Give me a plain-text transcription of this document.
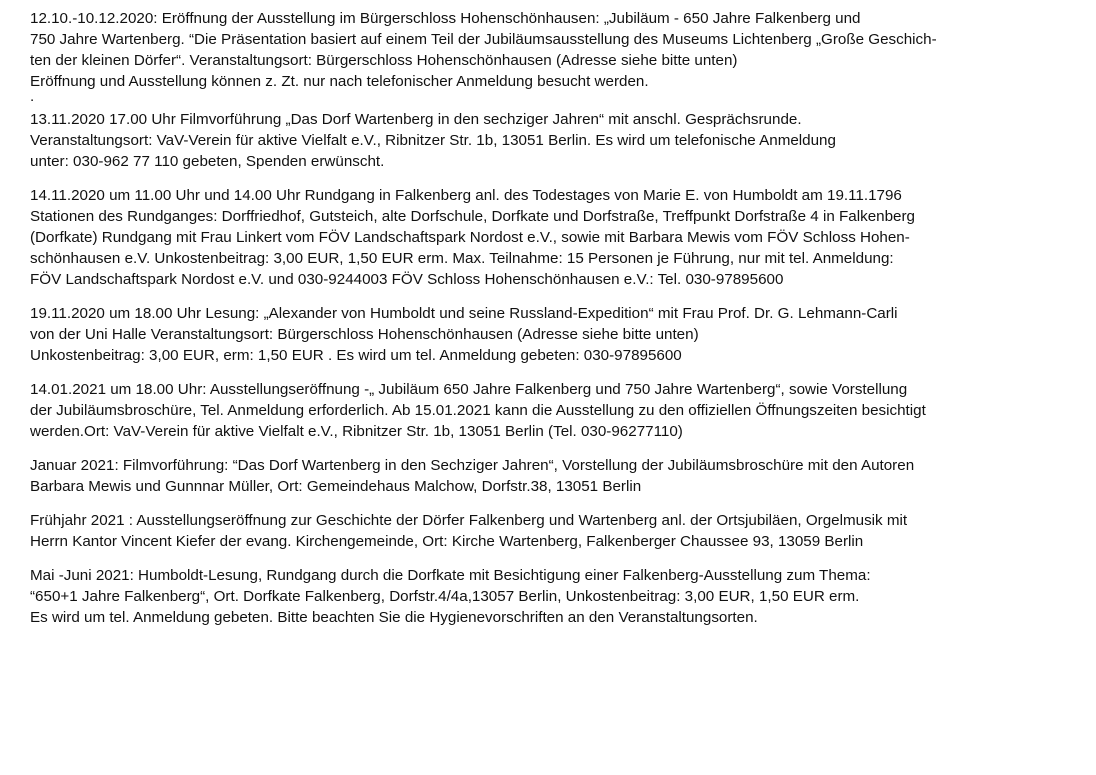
12.10.-10.12.2020: Eröffnung der Ausstellung im Bürgerschloss Hohenschönhausen: „Jubiläum - 650 Jahre Falkenberg und
750 Jahre Wartenberg. “Die Präsentation basiert auf einem Teil der Jubiläumsausstellung des Museums Lichtenberg „Große Geschich-
ten der kleinen Dörfer“. Veranstaltungsort: Bürgerschloss Hohenschönhausen (Adresse siehe bitte unten)
Eröffnung und Ausstellung können z. Zt. nur nach telefonischer Anmeldung besucht werden.
.
13.11.2020 17.00 Uhr Filmvorführung „Das Dorf Wartenberg in den sechziger Jahren“ mit anschl. Gesprächsrunde.
Veranstaltungsort: VaV-Verein für aktive Vielfalt e.V., Ribnitzer Str. 1b, 13051 Berlin. Es wird um telefonische Anmeldung
unter: 030-962 77 110 gebeten, Spenden erwünscht.
14.11.2020 um 11.00 Uhr und 14.00 Uhr Rundgang in Falkenberg anl. des Todestages von Marie E. von Humboldt am 19.11.1796
Stationen des Rundganges: Dorffriedhof, Gutsteich, alte Dorfschule, Dorfkate und Dorfstraße, Treffpunkt Dorfstraße 4 in Falkenberg
(Dorfkate) Rundgang mit Frau Linkert vom FÖV Landschaftspark Nordost e.V., sowie mit Barbara Mewis vom FÖV Schloss Hohen-
schönhausen e.V. Unkostenbeitrag: 3,00 EUR, 1,50 EUR erm. Max. Teilnahme: 15 Personen je Führung, nur mit tel. Anmeldung:
FÖV Landschaftspark Nordost e.V. und 030-9244003 FÖV Schloss Hohenschönhausen e.V.: Tel. 030-97895600
19.11.2020 um 18.00 Uhr Lesung: „Alexander von Humboldt und seine Russland-Expedition“ mit Frau Prof. Dr. G. Lehmann-Carli
von der Uni Halle Veranstaltungsort: Bürgerschloss Hohenschönhausen (Adresse siehe bitte unten)
Unkostenbeitrag: 3,00 EUR, erm: 1,50 EUR . Es wird um tel. Anmeldung gebeten: 030-97895600
14.01.2021 um 18.00 Uhr: Ausstellungseröffnung -„ Jubiläum 650 Jahre Falkenberg und 750 Jahre Wartenberg“, sowie Vorstellung
der Jubiläumsbroschüre, Tel. Anmeldung erforderlich. Ab 15.01.2021 kann die Ausstellung zu den offiziellen Öffnungszeiten besichtigt
werden.Ort: VaV-Verein für aktive Vielfalt e.V., Ribnitzer Str. 1b, 13051 Berlin (Tel. 030-96277110)
Januar 2021: Filmvorführung: “Das Dorf Wartenberg in den Sechziger Jahren“, Vorstellung der Jubiläumsbroschüre mit den Autoren
Barbara Mewis und Gunnnar Müller, Ort: Gemeindehaus Malchow, Dorfstr.38, 13051 Berlin
Frühjahr 2021 : Ausstellungseröffnung zur Geschichte der Dörfer Falkenberg und Wartenberg anl. der Ortsjubiläen, Orgelmusik mit
Herrn Kantor Vincent Kiefer der evang. Kirchengemeinde, Ort: Kirche Wartenberg, Falkenberger Chaussee 93, 13059 Berlin
Mai -Juni 2021: Humboldt-Lesung, Rundgang durch die Dorfkate mit Besichtigung einer Falkenberg-Ausstellung zum Thema:
“650+1 Jahre Falkenberg“, Ort. Dorfkate Falkenberg, Dorfstr.4/4a,13057 Berlin, Unkostenbeitrag: 3,00 EUR, 1,50 EUR erm.
Es wird um tel. Anmeldung gebeten. Bitte beachten Sie die Hygienevorschriften an den Veranstaltungsorten.
